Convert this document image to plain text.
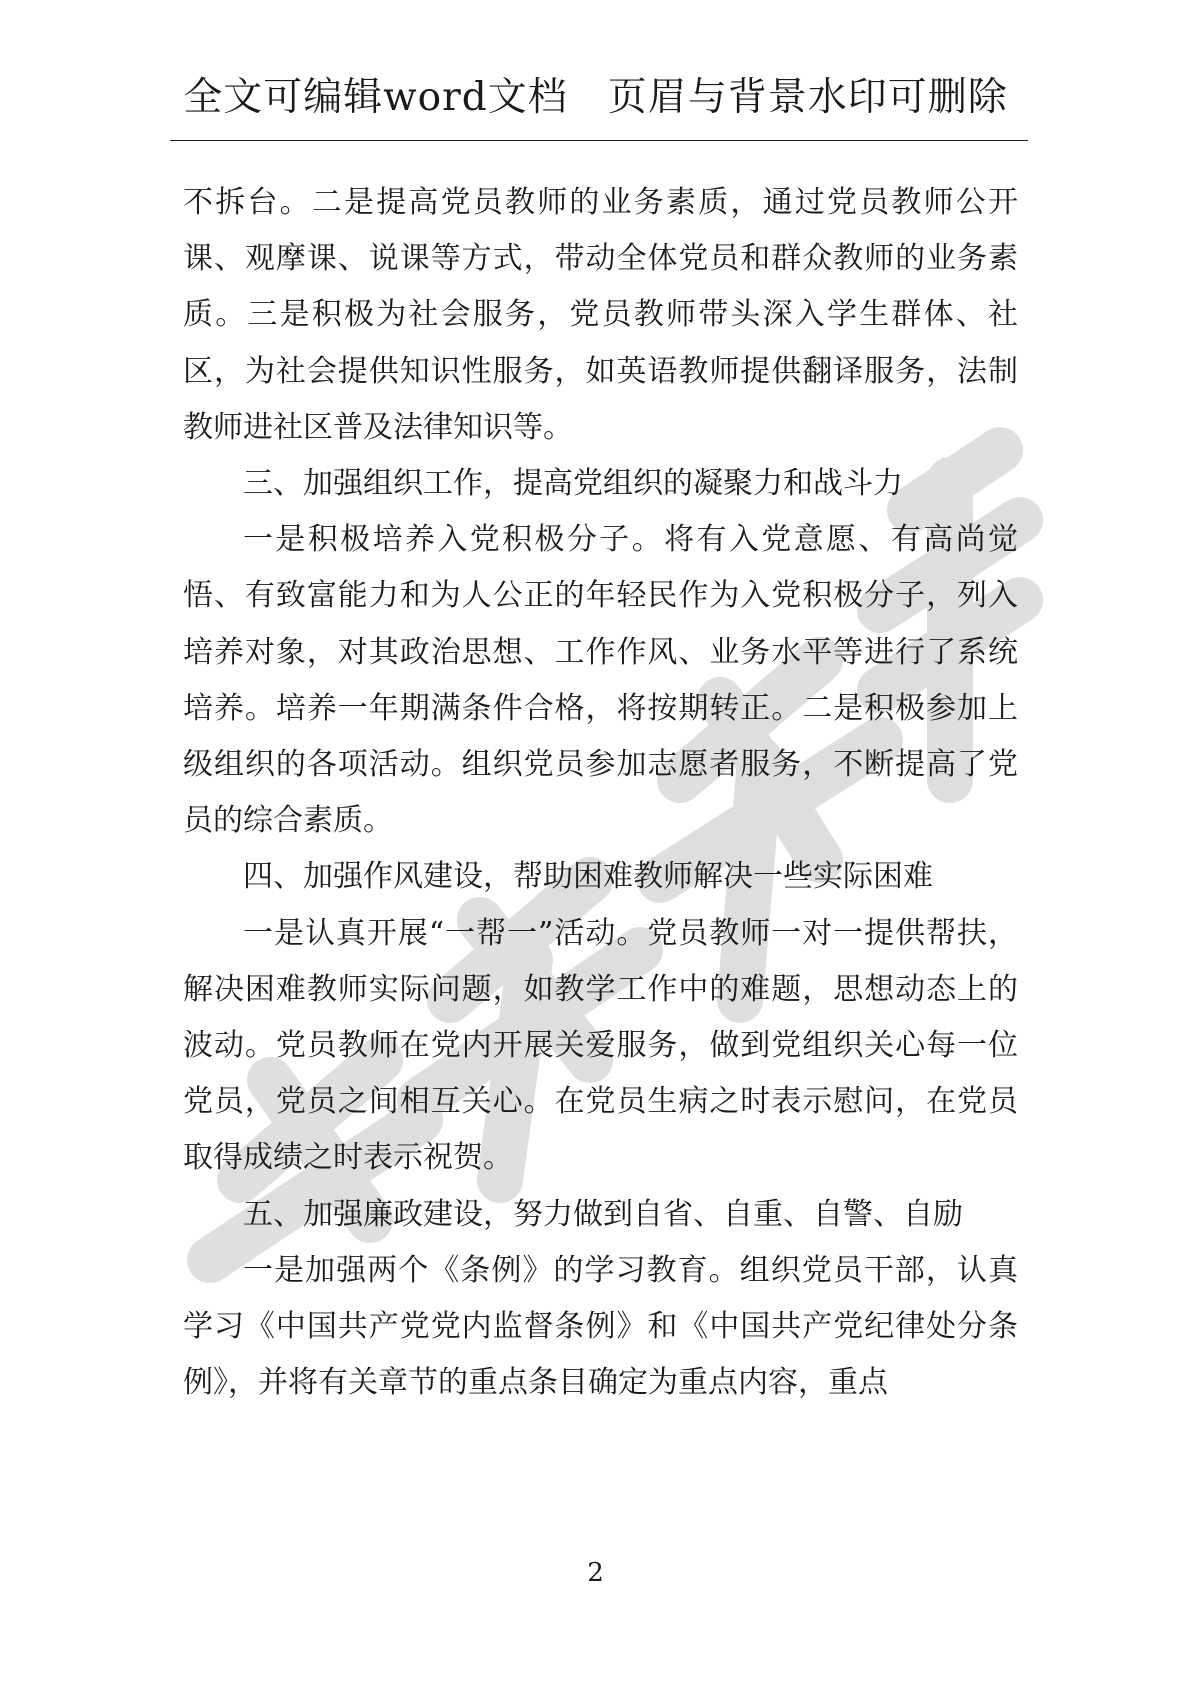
全文可编辑word文档　页眉与背景水印可删除

不拆台。二是提高党员教师的业务素质，通过党员教师公开课、观摩课、说课等方式，带动全体党员和群众教师的业务素质。三是积极为社会服务，党员教师带头深入学生群体、社区，为社会提供知识性服务，如英语教师提供翻译服务，法制教师进社区普及法律知识等。

三、加强组织工作，提高党组织的凝聚力和战斗力

一是积极培养入党积极分子。将有入党意愿、有高尚觉悟、有致富能力和为人公正的年轻民作为入党积极分子，列入培养对象，对其政治思想、工作作风、业务水平等进行了系统培养。培养一年期满条件合格，将按期转正。二是积极参加上级组织的各项活动。组织党员参加志愿者服务，不断提高了党员的综合素质。

四、加强作风建设，帮助困难教师解决一些实际困难

一是认真开展“一帮一”活动。党员教师一对一提供帮扶，解决困难教师实际问题，如教学工作中的难题，思想动态上的波动。党员教师在党内开展关爱服务，做到党组织关心每一位党员，党员之间相互关心。在党员生病之时表示慰问，在党员取得成绩之时表示祝贺。

五、加强廉政建设，努力做到自省、自重、自警、自励

一是加强两个《条例》的学习教育。组织党员干部，认真学习《中国共产党党内监督条例》和《中国共产党纪律处分条例》，并将有关章节的重点条目确定为重点内容，重点

2
